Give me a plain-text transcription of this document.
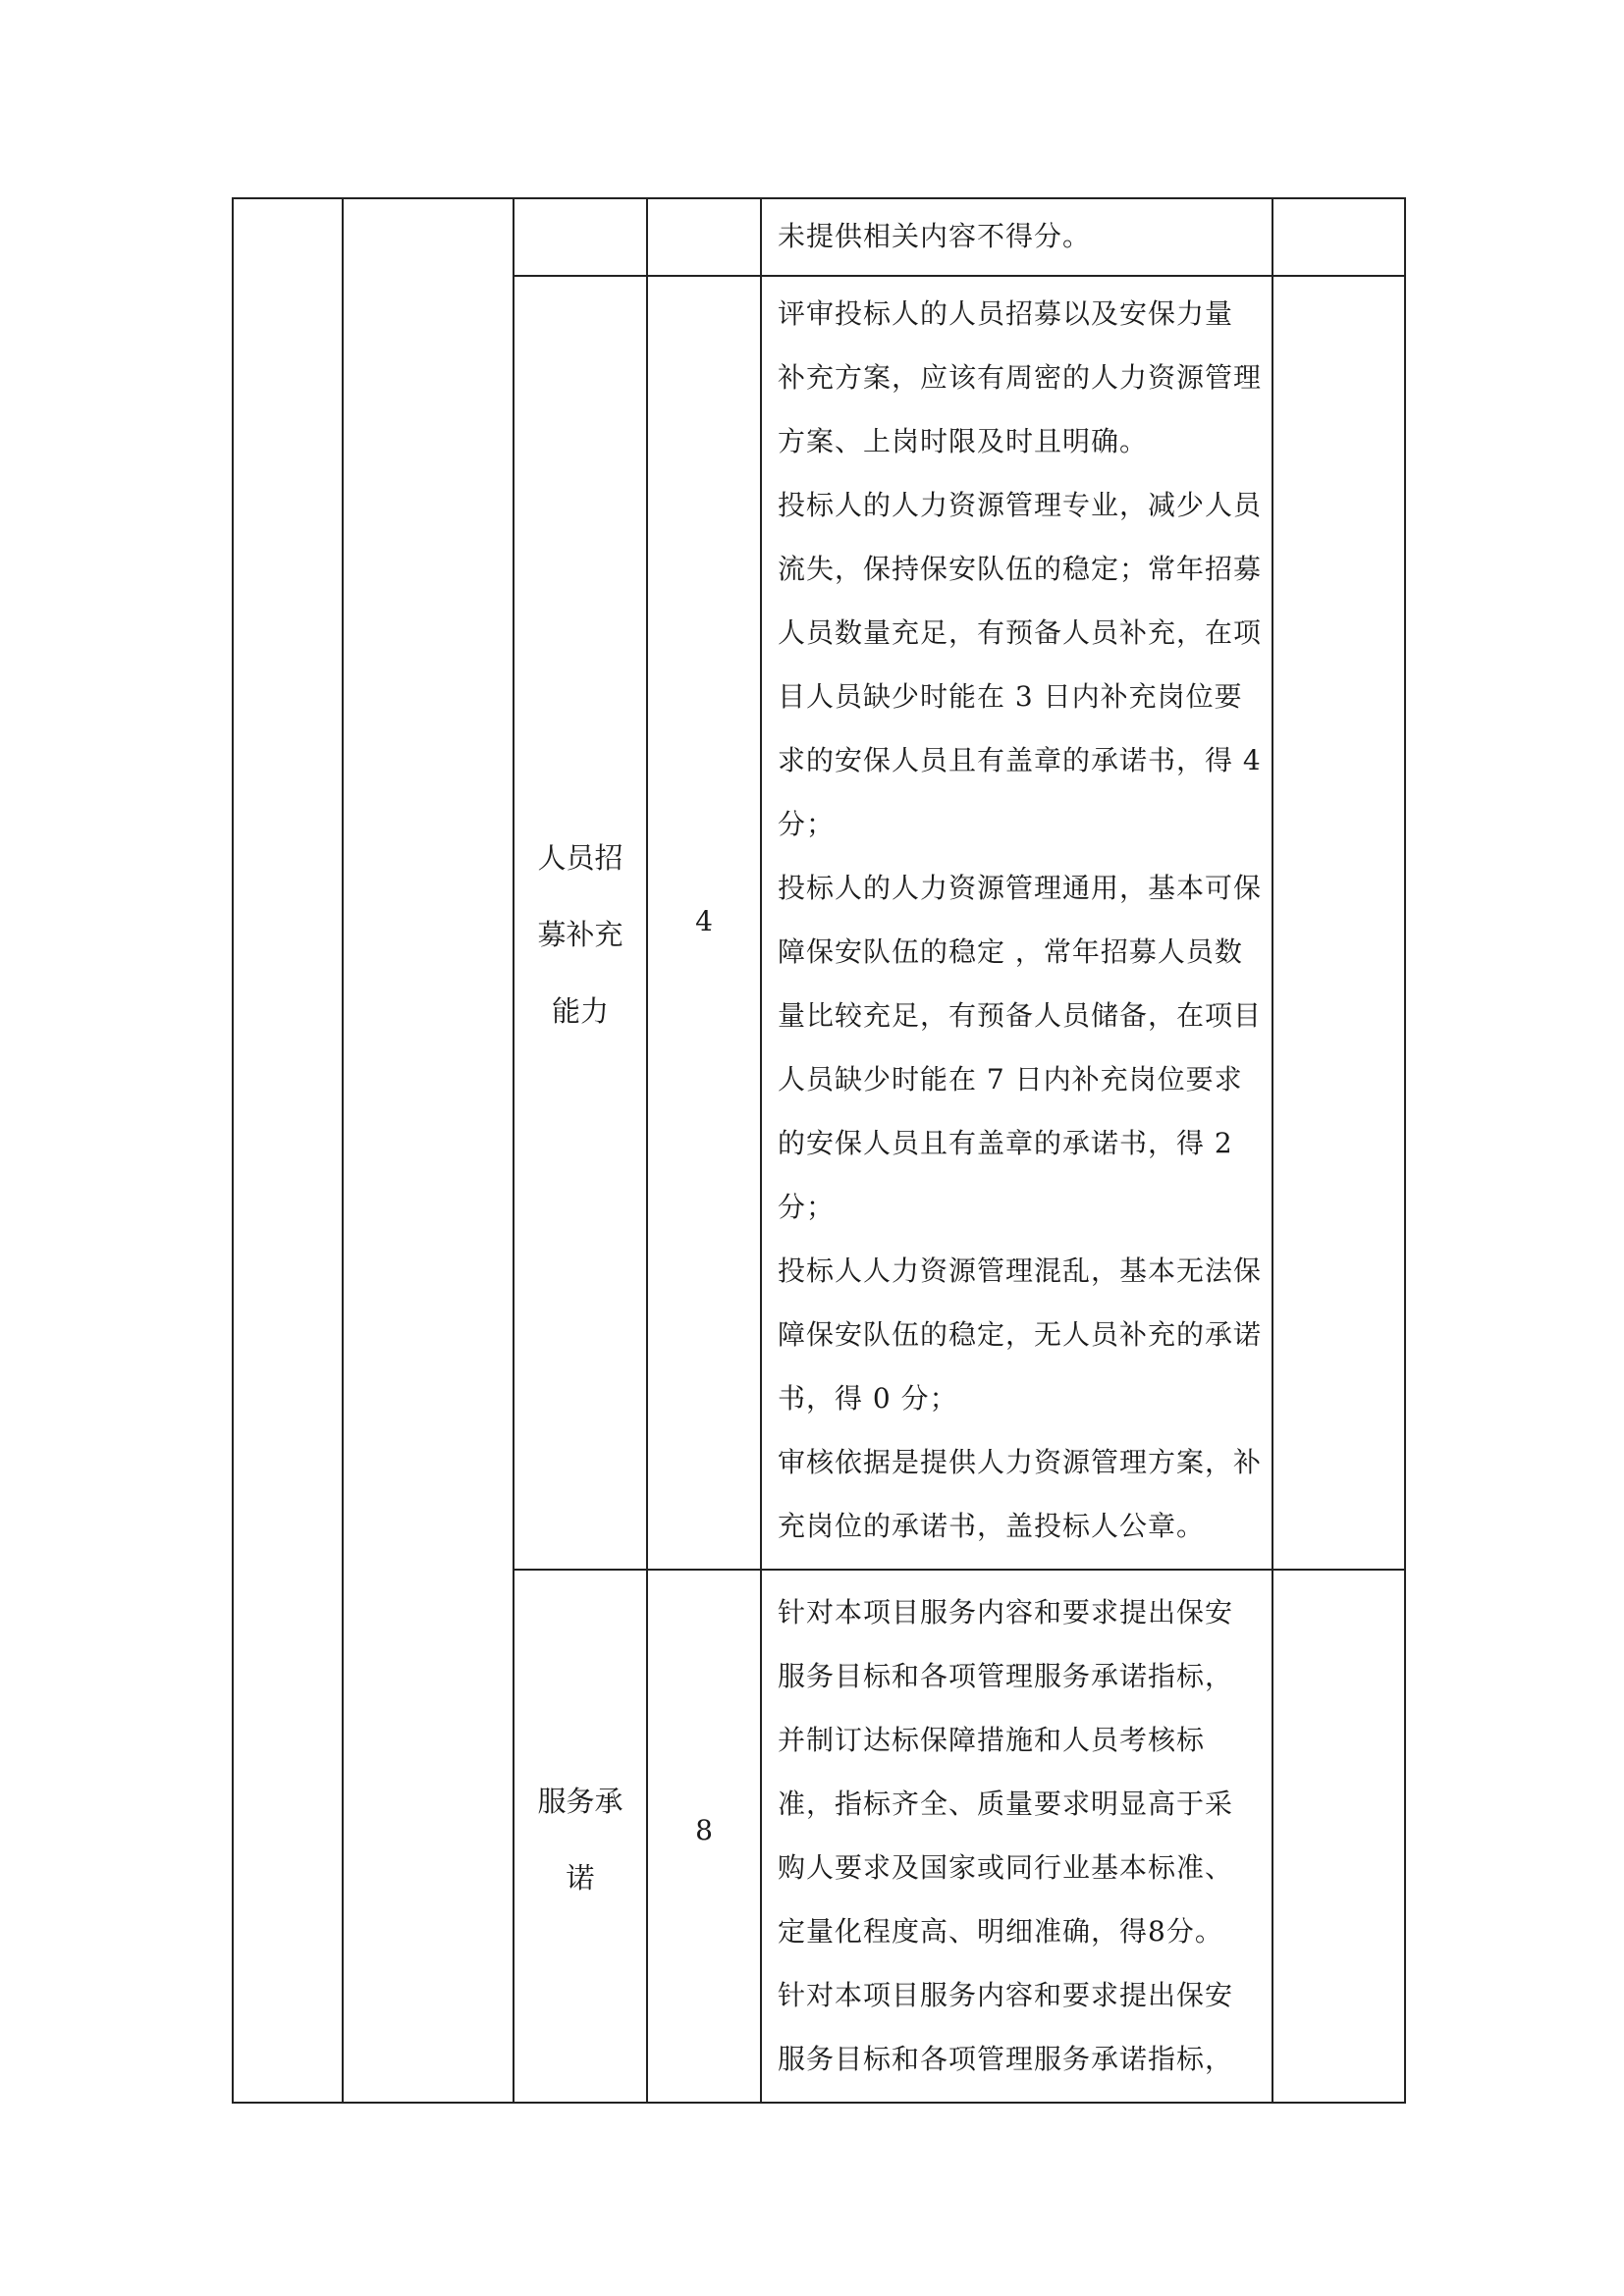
未提供相关内容不得分。
人员招
募补充
能力
4
评审投标人的人员招募以及安保力量
补充方案，应该有周密的人力资源管理
方案、上岗时限及时且明确。
投标人的人力资源管理专业，减少人员
流失，保持保安队伍的稳定；常年招募
人员数量充足，有预备人员补充，在项
目人员缺少时能在 3 日内补充岗位要
求的安保人员且有盖章的承诺书，得 4
分；
投标人的人力资源管理通用，基本可保
障保安队伍的稳定 ，常年招募人员数
量比较充足，有预备人员储备，在项目
人员缺少时能在 7 日内补充岗位要求
的安保人员且有盖章的承诺书，得 2
分；
投标人人力资源管理混乱，基本无法保
障保安队伍的稳定，无人员补充的承诺
书，得 0 分；
审核依据是提供人力资源管理方案，补
充岗位的承诺书，盖投标人公章。
服务承
诺
8
针对本项目服务内容和要求提出保安
服务目标和各项管理服务承诺指标，
并制订达标保障措施和人员考核标
准，指标齐全、质量要求明显高于采
购人要求及国家或同行业基本标准、
定量化程度高、明细准确，得8分。
针对本项目服务内容和要求提出保安
服务目标和各项管理服务承诺指标，
